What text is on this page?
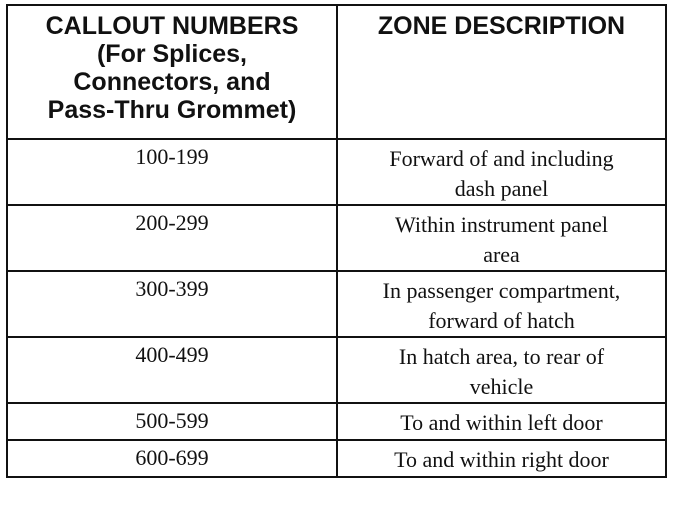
CALLOUT NUMBERS
(For Splices,
Connectors, and
Pass-Thru Grommet)	ZONE DESCRIPTION

100-199	Forward of and including
dash panel

200-299	Within instrument panel
area

300-399	In passenger compartment,
forward of hatch

400-499	In hatch area, to rear of
vehicle

500-599	To and within left door

600-699	To and within right door
